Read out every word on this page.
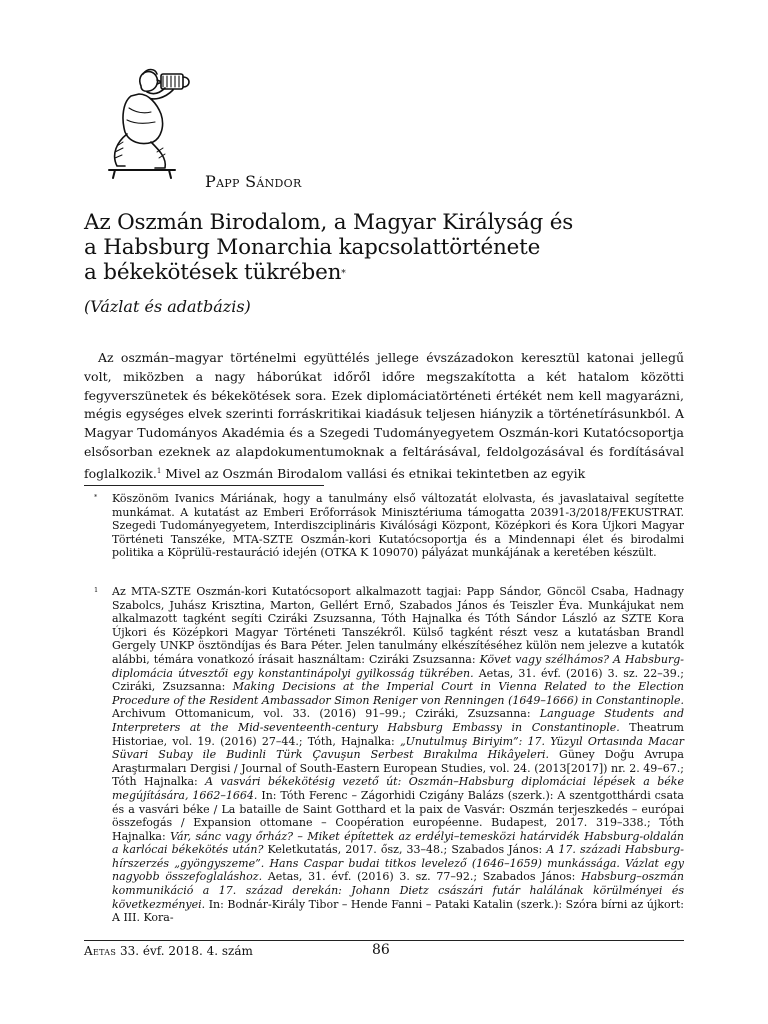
Papp Sándor
Az Oszmán Birodalom, a Magyar Királyság és
a Habsburg Monarchia kapcsolattörténete
a békekötések tükrében*
(Vázlat és adatbázis)

Az oszmán–magyar történelmi együttélés jellege évszázadokon keresztül katonai jellegű volt, miközben a nagy háborúkat időről időre megszakította a két hatalom közötti fegyverszünetek és békekötések sora. Ezek diplomáciatörténeti értékét nem kell magyarázni, mégis egységes elvek szerinti forráskritikai kiadásuk teljesen hiányzik a történetírásunkból. A Magyar Tudományos Akadémia és a Szegedi Tudományegyetem Oszmán-kori Kutatócsoportja elsősorban ezeknek az alapdokumentumoknak a feltárásával, feldolgozásával és fordításával foglalkozik.$^1$ Mivel az Oszmán Birodalom vallási és etnikai tekintetben az egyik

*	Köszönöm Ivanics Máriának, hogy a tanulmány első változatát elolvasta, és javaslataival segítette munkámat. A kutatást az Emberi Erőforrások Minisztériuma támogatta 20391-3/2018/FEKUSTRAT. Szegedi Tudományegyetem, Interdiszciplináris Kiválósági Központ, Középkori és Kora Újkori Magyar Történeti Tanszéke, MTA-SZTE Oszmán-kori Kutatócsoportja és a Mindennapi élet és birodalmi politika a Köprülü-restauráció idején (OTKA K 109070) pályázat munkájának a keretében készült.

1	Az MTA-SZTE Oszmán-kori Kutatócsoport alkalmazott tagjai: Papp Sándor, Göncöl Csaba, Hadnagy Szabolcs, Juhász Krisztina, Marton, Gellért Ernő, Szabados János és Teiszler Éva. Munkájukat nem alkalmazott tagként segíti Cziráki Zsuzsanna, Tóth Hajnalka és Tóth Sándor László az SZTE Kora Újkori és Középkori Magyar Történeti Tanszékről. Külső tagként részt vesz a kutatásban Brandl Gergely UNKP ösztöndíjas és Bara Péter. Jelen tanulmány elkészítéséhez külön nem jelezve a kutatók alábbi, témára vonatkozó írásait használtam: Cziráki Zsuzsanna: Követ vagy szélhámos? A Habsburg-diplomácia útvesztői egy konstantinápolyi gyilkosság tükrében. Aetas, 31. évf. (2016) 3. sz. 22–39.; Cziráki, Zsuzsanna: Making Decisions at the Imperial Court in Vienna Related to the Election Procedure of the Resident Ambassador Simon Reniger von Renningen (1649–1666) in Constantinople. Archivum Ottomanicum, vol. 33. (2016) 91–99.; Cziráki, Zsuzsanna: Language Students and Interpreters at the Mid-seventeenth-century Habsburg Embassy in Constantinople. Theatrum Historiae, vol. 19. (2016) 27–44.; Tóth, Hajnalka: „Unutulmuş Biriyim”: 17. Yüzyıl Ortasında Macar Süvari Subay ile Budinli Türk Çavuşun Serbest Bırakılma Hikâyeleri. Güney Doğu Avrupa Araştırmaları Dergisi / Journal of South-Eastern European Studies, vol. 24. (2013[2017]) nr. 2. 49–67.; Tóth Hajnalka: A vasvári békekötésig vezető út: Oszmán–Habsburg diplomáciai lépések a béke megújítására, 1662–1664. In: Tóth Ferenc – Zágorhidi Czigány Balázs (szerk.): A szentgotthárdi csata és a vasvári béke / La bataille de Saint Gotthard et la paix de Vasvár: Oszmán terjeszkedés – európai összefogás / Expansion ottomane – Coopération européenne. Budapest, 2017. 319–338.; Tóth Hajnalka: Vár, sánc vagy őrház? – Miket építettek az erdélyi–temesközi határvidék Habsburg-oldalán a karlócai békekötés után? Keletkutatás, 2017. ősz, 33–48.; Szabados János: A 17. századi Habsburg-hírszerzés „gyöngyszeme”. Hans Caspar budai titkos levelező (1646–1659) munkássága. Vázlat egy nagyobb összefoglaláshoz. Aetas, 31. évf. (2016) 3. sz. 77–92.; Szabados János: Habsburg–oszmán kommunikáció a 17. század derekán: Johann Dietz császári futár halálának körülményei és következményei. In: Bodnár-Király Tibor – Hende Fanni – Pataki Katalin (szerk.): Szóra bírni az újkort: A III. Kora-

Aetas 33. évf. 2018. 4. szám	86
